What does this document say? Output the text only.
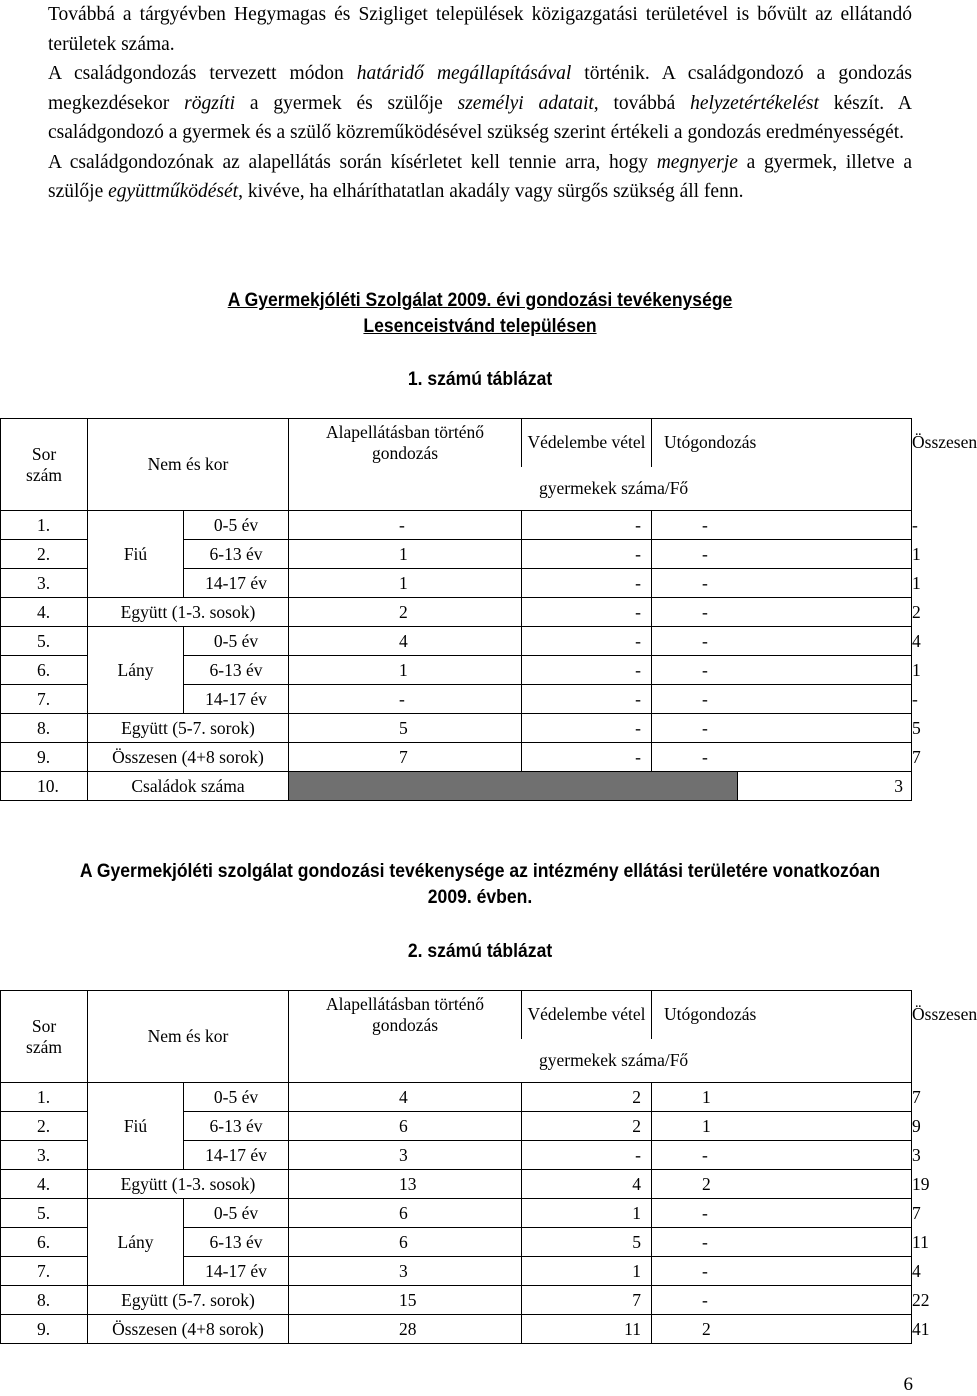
Továbbá a tárgyévben Hegymagas és Szigliget települések közigazgatási területével is bővült az ellátandó területek száma.

A családgondozás tervezett módon határidő megállapításával történik. A családgondozó a gondozás megkezdésekor rögzíti a gyermek és szülője személyi adatait, továbbá helyzetértékelést készít. A családgondozó a gyermek és a szülő közreműködésével szükség szerint értékeli a gondozás eredményességét.

A családgondozónak az alapellátás során kísérletet kell tennie arra, hogy megnyerje a gyermek, illetve a szülője együttműködését, kivéve, ha elháríthatatlan akadály vagy sürgős szükség áll fenn.

A Gyermekjóléti Szolgálat 2009. évi gondozási tevékenysége
Lesenceistvánd településen
1. számú táblázat
A Gyermekjóléti szolgálat gondozási tevékenysége az intézmény ellátási területére vonatkozóan
2009. évben.
2. számú táblázat
6
Sor
szám	Nem és kor		Alapellátásban történő
gondozás	Védelembe vétel	Utógondozás		Összesen
			gyermekek száma/Fő				
1.	Fiú	0-5 év	-	-	-		-
2.		6-13 év	1	-	-		1
3.		14-17 év	1	-	-		1
4.	Együtt (1-3. sosok)		2	-	-		2
5.	Lány	0-5 év	4	-	-		4
6.		6-13 év	1	-	-		1
7.		14-17 év	-	-	-		-
8.	Együtt (5-7. sorok)		5	-	-		5
9.	Összesen (4+8 sorok)		7	-	-		7
10.	Családok száma					3	
Sor
szám	Nem és kor		Alapellátásban történő
gondozás	Védelembe vétel	Utógondozás	Összesen
			gyermekek száma/Fő			
1.	Fiú	0-5 év	4	2	1	7
2.		6-13 év	6	2	1	9
3.		14-17 év	3	-	-	3
4.	Együtt (1-3. sosok)		13	4	2	19
5.	Lány	0-5 év	6	1	-	7
6.		6-13 év	6	5	-	11
7.		14-17 év	3	1	-	4
8.	Együtt (5-7. sorok)		15	7	-	22
9.	Összesen (4+8 sorok)		28	11	2	41
